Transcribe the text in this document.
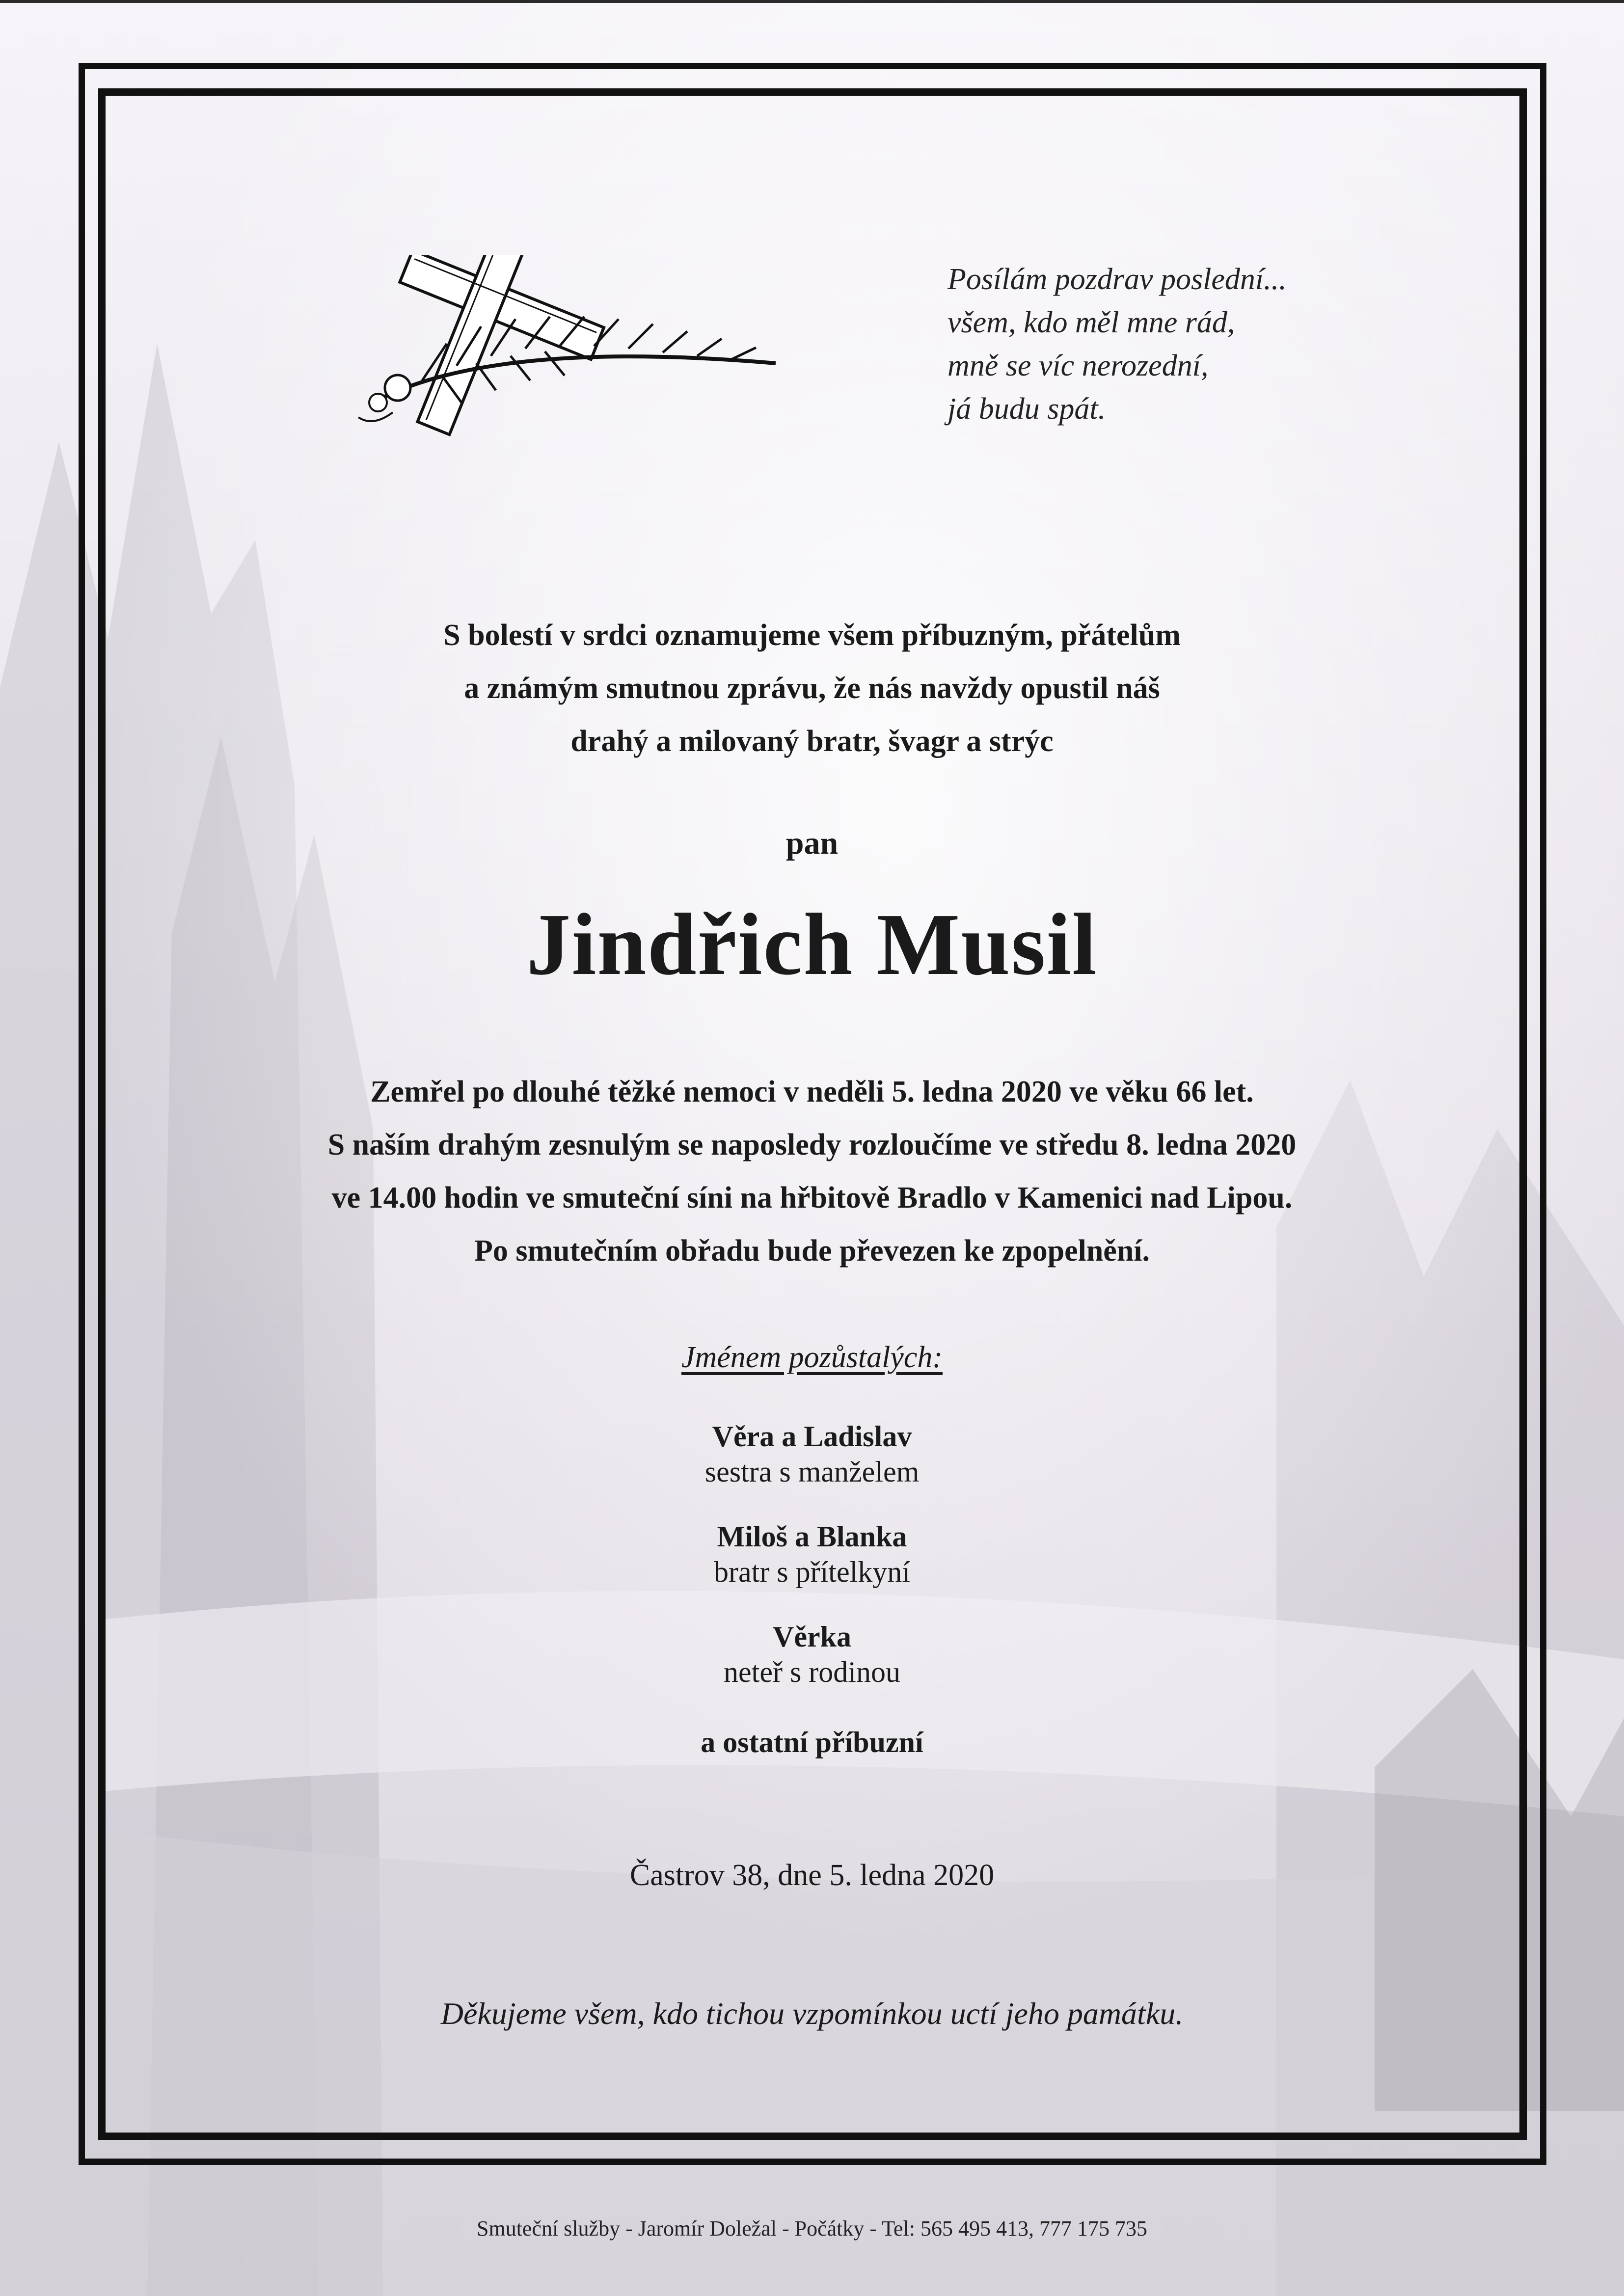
Posílám pozdrav poslední...
všem, kdo měl mne rád,
mně se víc nerozední,
já budu spát.
S bolestí v srdci oznamujeme všem příbuzným, přátelům
a známým smutnou zprávu, že nás navždy opustil náš
drahý a milovaný bratr, švagr a strýc
pan
Jindřich Musil
Zemřel po dlouhé těžké nemoci v neděli 5. ledna 2020 ve věku 66 let.
S naším drahým zesnulým se naposledy rozloučíme ve středu 8. ledna 2020
ve 14.00 hodin ve smuteční síni na hřbitově Bradlo v Kamenici nad Lipou.
Po smutečním obřadu bude převezen ke zpopelnění.
Jménem pozůstalých:
Věra a Ladislav
sestra s manželem
Miloš a Blanka
bratr s přítelkyní
Věrka
neteř s rodinou
a ostatní příbuzní
Častrov 38, dne 5. ledna 2020
Děkujeme všem, kdo tichou vzpomínkou uctí jeho památku.
Smuteční služby - Jaromír Doležal - Počátky - Tel: 565 495 413, 777 175 735
